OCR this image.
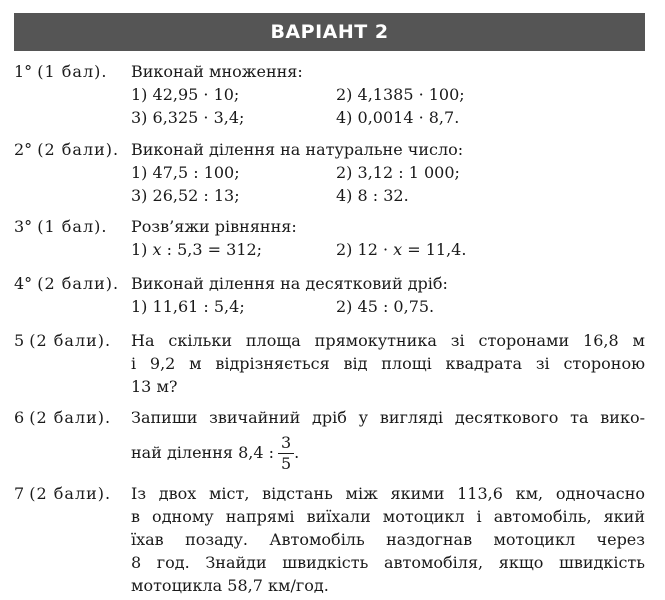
ВАРІАНТ 2
1° (1 бал). Виконай множення:
1) 42,95 · 10;	2) 4,1385 · 100;
3) 6,325 · 3,4;	4) 0,0014 · 8,7.
2° (2 бали). Виконай ділення на натуральне число:
1) 47,5 : 100;	2) 3,12 : 1 000;
3) 26,52 : 13;	4) 8 : 32.
3° (1 бал). Розв’яжи рівняння:
1) x : 5,3 = 312;	2) 12 · x = 11,4.
4° (2 бали). Виконай ділення на десятковий дріб:
1) 11,61 : 5,4;	2) 45 : 0,75.
5 (2 бали). На скільки площа прямокутника зі сторонами 16,8 м
і 9,2 м відрізняється від площі квадрата зі стороною
13 м?
6 (2 бали). Запиши звичайний дріб у вигляді десяткового та вико-
най ділення 8,4 : $\frac{3}{5}$ .
7 (2 бали). Із двох міст, відстань між якими 113,6 км, одночасно
в одному напрямі виїхали мотоцикл і автомобіль, який
їхав позаду. Автомобіль наздогнав мотоцикл через
8 год. Знайди швидкість автомобіля, якщо швидкість
мотоцикла 58,7 км/год.
